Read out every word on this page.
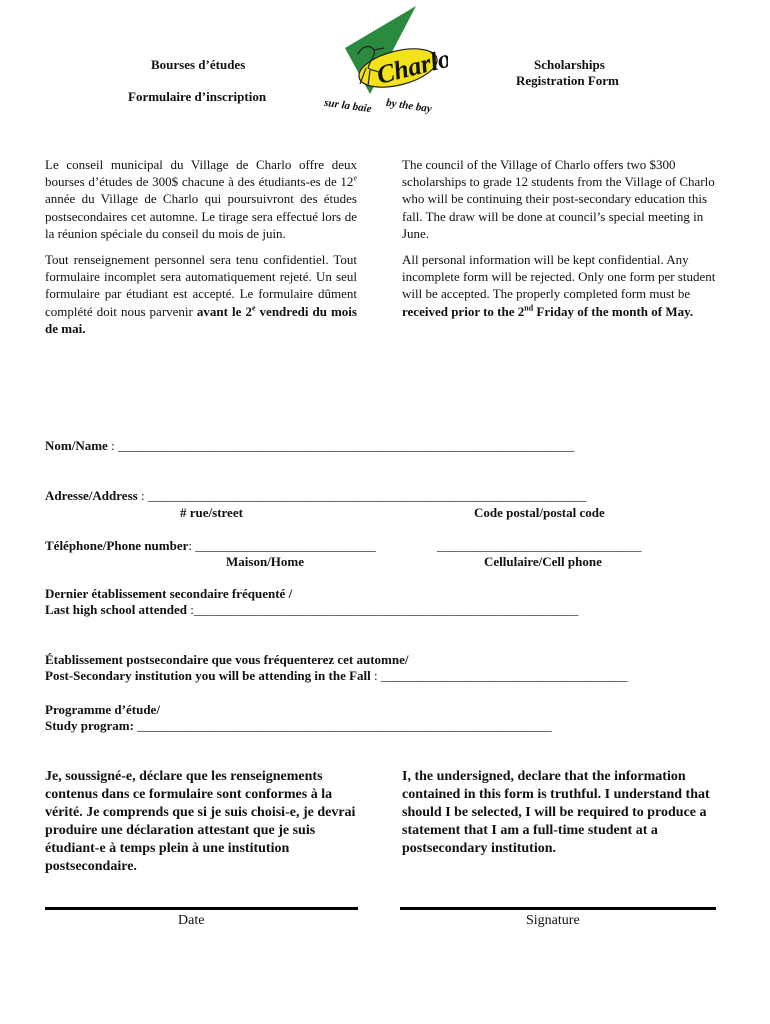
Bourses d’études
Formulaire d’inscription
Scholarships
Registration Form
Charlo
sur la baie by the bay

Le conseil municipal du Village de Charlo offre deux bourses d’études de 300$ chacune à des étudiants-es de 12e année du Village de Charlo qui poursuivront des études postsecondaires cet automne. Le tirage sera effectué lors de la réunion spéciale du conseil du mois de juin.

Tout renseignement personnel sera tenu confidentiel. Tout formulaire incomplet sera automatiquement rejeté. Un seul formulaire par étudiant est accepté. Le formulaire dûment complété doit nous parvenir avant le 2e vendredi du mois de mai.

The council of the Village of Charlo offers two $300 scholarships to grade 12 students from the Village of Charlo who will be continuing their post-secondary education this fall. The draw will be done at council’s special meeting in June.

All personal information will be kept confidential. Any incomplete form will be rejected. Only one form per student will be accepted. The properly completed form must be received prior to the 2nd Friday of the month of May.

Nom/Name : ____________________________________________________________________________
Adresse/Address : _________________________________________________________________________
# rue/street	Code postal/postal code
Téléphone/Phone number: ______________________________	__________________________________
Maison/Home	Cellulaire/Cell phone
Dernier établissement secondaire fréquenté /
Last high school attended :________________________________________________________________
Établissement postsecondaire que vous fréquenterez cet automne/
Post-Secondary institution you will be attending in the Fall : _________________________________________
Programme d’étude/
Study program: _____________________________________________________________________
Je, soussigné-e, déclare que les renseignements contenus dans ce formulaire sont conformes à la vérité. Je comprends que si je suis choisi-e, je devrai produire une déclaration attestant que je suis étudiant-e à temps plein à une institution postsecondaire.
I, the undersigned, declare that the information contained in this form is truthful. I understand that should I be selected, I will be required to produce a statement that I am a full-time student at a postsecondary institution.
Date	Signature
